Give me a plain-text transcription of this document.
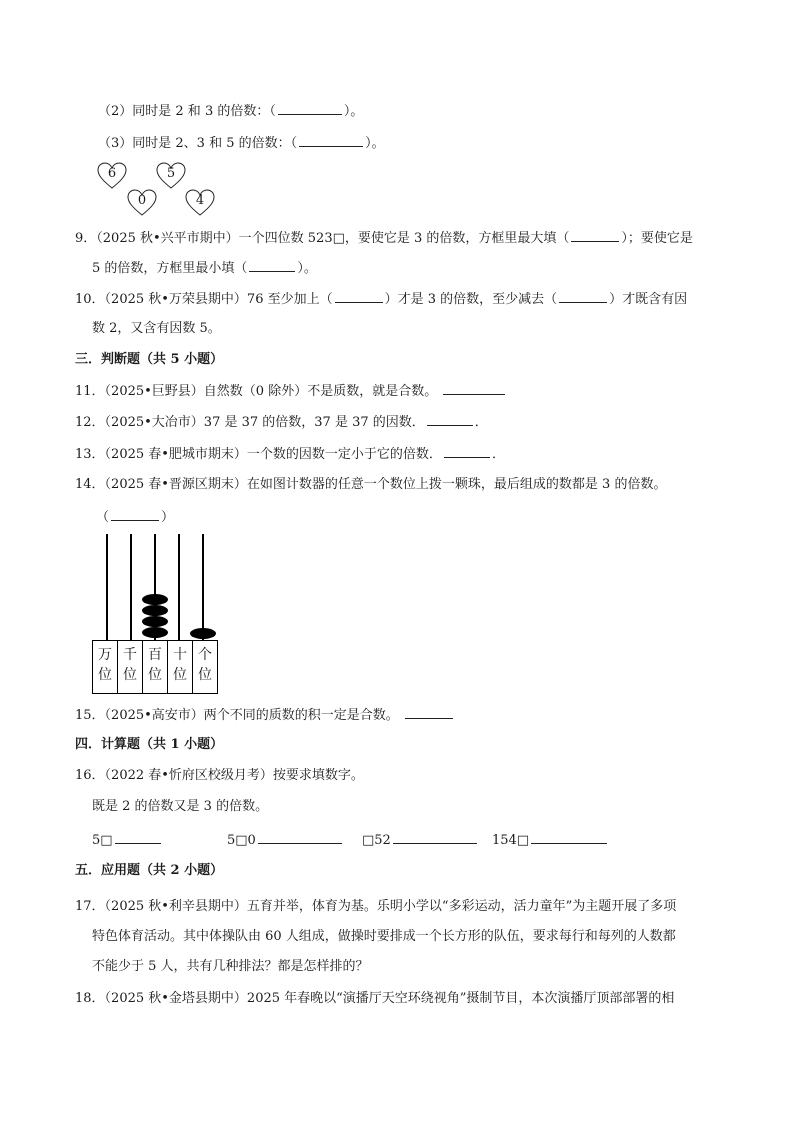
（2）同时是 2 和 3 的倍数：（	）。
（3）同时是 2、3 和 5 的倍数：（	）。
6	5
0	4
9．（2025 秋•兴平市期中）一个四位数 523□，要使它是 3 的倍数，方框里最大填（	）；要使它是
5 的倍数，方框里最小填（	）。
10．（2025 秋•万荣县期中）76 至少加上（	）才是 3 的倍数，至少减去（	）才既含有因
数 2，又含有因数 5。
三．判断题（共 5 小题）
11．（2025•巨野县）自然数（0 除外）不是质数，就是合数。
12．（2025•大冶市）37 是 37 的倍数，37 是 37 的因数．	．
13．（2025 春•肥城市期末）一个数的因数一定小于它的倍数．	．
14．（2025 春•晋源区期末）在如图计数器的任意一个数位上拨一颗珠，最后组成的数都是 3 的倍数。
（	）
万
位
千
位
百
位
十
位
个
位
15．（2025•高安市）两个不同的质数的积一定是合数。
四．计算题（共 1 小题）
16．（2022 春•忻府区校级月考）按要求填数字。
既是 2 的倍数又是 3 的倍数。
5□	5□0	□52	154□
五．应用题（共 2 小题）
17．（2025 秋•利辛县期中）五育并举，体育为基。乐明小学以“多彩运动，活力童年”为主题开展了多项
特色体育活动。其中体操队由 60 人组成，做操时要排成一个长方形的队伍，要求每行和每列的人数都
不能少于 5 人，共有几种排法？都是怎样排的？
18．（2025 秋•金塔县期中）2025 年春晚以“演播厅天空环绕视角”摄制节目，本次演播厅顶部部署的相
